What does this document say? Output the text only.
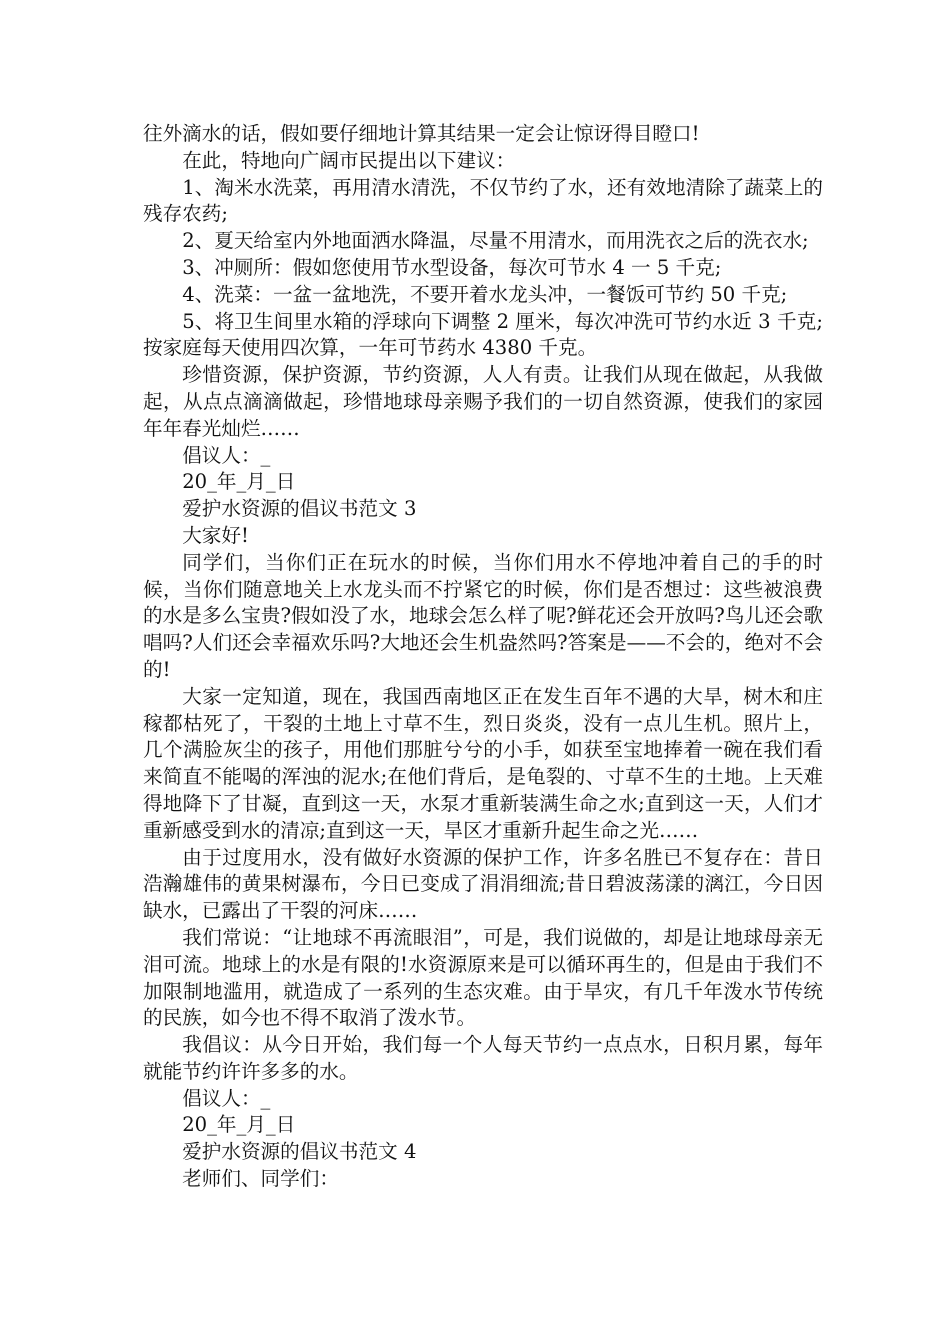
往外滴水的话，假如要仔细地计算其结果一定会让惊讶得目瞪口!

在此，特地向广阔市民提出以下建议：

1、淘米水洗菜，再用清水清洗，不仅节约了水，还有效地清除了蔬菜上的残存农药;

2、夏天给室内外地面洒水降温，尽量不用清水，而用洗衣之后的洗衣水;

3、冲厕所：假如您使用节水型设备，每次可节水 4 一 5 千克;

4、洗菜：一盆一盆地洗，不要开着水龙头冲，一餐饭可节约 50 千克;

5、将卫生间里水箱的浮球向下调整 2 厘米，每次冲洗可节约水近 3 千克;按家庭每天使用四次算，一年可节药水 4380 千克。

珍惜资源，保护资源，节约资源，人人有责。让我们从现在做起，从我做起，从点点滴滴做起，珍惜地球母亲赐予我们的一切自然资源，使我们的家园年年春光灿烂……

倡议人：_

20_年_月_日

爱护水资源的倡议书范文 3

大家好!

同学们，当你们正在玩水的时候，当你们用水不停地冲着自己的手的时候，当你们随意地关上水龙头而不拧紧它的时候，你们是否想过：这些被浪费的水是多么宝贵?假如没了水，地球会怎么样了呢?鲜花还会开放吗?鸟儿还会歌唱吗?人们还会幸福欢乐吗?大地还会生机盎然吗?答案是——不会的，绝对不会的!

大家一定知道，现在，我国西南地区正在发生百年不遇的大旱，树木和庄稼都枯死了，干裂的土地上寸草不生，烈日炎炎，没有一点儿生机。照片上，几个满脸灰尘的孩子，用他们那脏兮兮的小手，如获至宝地捧着一碗在我们看来简直不能喝的浑浊的泥水;在他们背后，是龟裂的、寸草不生的土地。上天难得地降下了甘凝，直到这一天，水泵才重新装满生命之水;直到这一天，人们才重新感受到水的清凉;直到这一天，旱区才重新升起生命之光……

由于过度用水，没有做好水资源的保护工作，许多名胜已不复存在：昔日浩瀚雄伟的黄果树瀑布，今日已变成了涓涓细流;昔日碧波荡漾的漓江，今日因缺水，已露出了干裂的河床……

我们常说：“让地球不再流眼泪”，可是，我们说做的，却是让地球母亲无泪可流。地球上的水是有限的!水资源原来是可以循环再生的，但是由于我们不加限制地滥用，就造成了一系列的生态灾难。由于旱灾，有几千年泼水节传统的民族，如今也不得不取消了泼水节。

我倡议：从今日开始，我们每一个人每天节约一点点水，日积月累，每年就能节约许许多多的水。

倡议人：_

20_年_月_日

爱护水资源的倡议书范文 4

老师们、同学们：
